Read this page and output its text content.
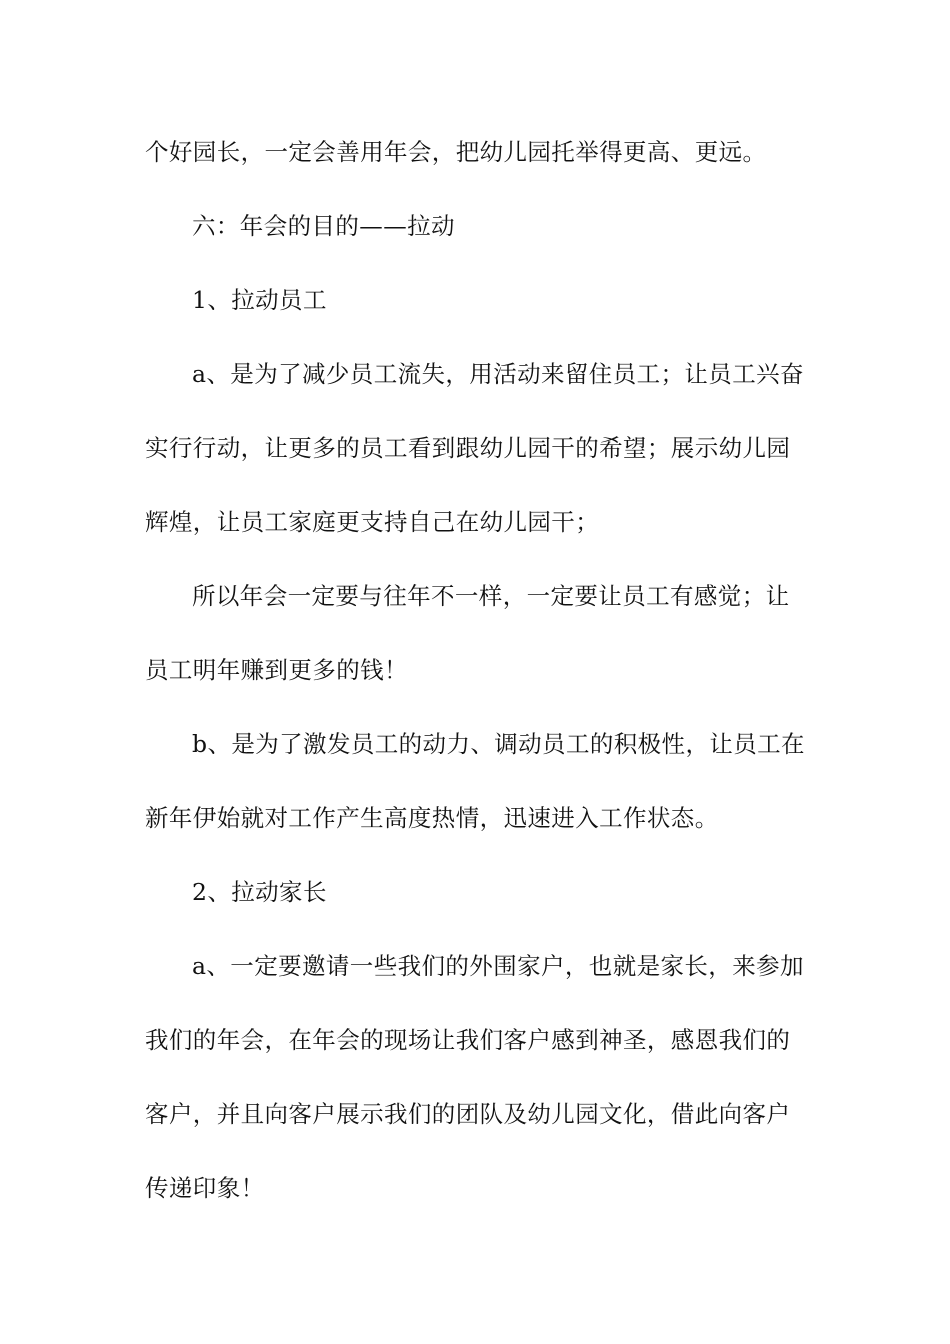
个好园长，一定会善用年会，把幼儿园托举得更高、更远。
六：年会的目的——拉动
1、拉动员工
a、是为了减少员工流失，用活动来留住员工；让员工兴奋
实行行动，让更多的员工看到跟幼儿园干的希望；展示幼儿园
辉煌，让员工家庭更支持自己在幼儿园干；
所以年会一定要与往年不一样，一定要让员工有感觉；让
员工明年赚到更多的钱！
b、是为了激发员工的动力、调动员工的积极性，让员工在
新年伊始就对工作产生高度热情，迅速进入工作状态。
2、拉动家长
a、一定要邀请一些我们的外围家户，也就是家长，来参加
我们的年会，在年会的现场让我们客户感到神圣，感恩我们的
客户，并且向客户展示我们的团队及幼儿园文化，借此向客户
传递印象！
